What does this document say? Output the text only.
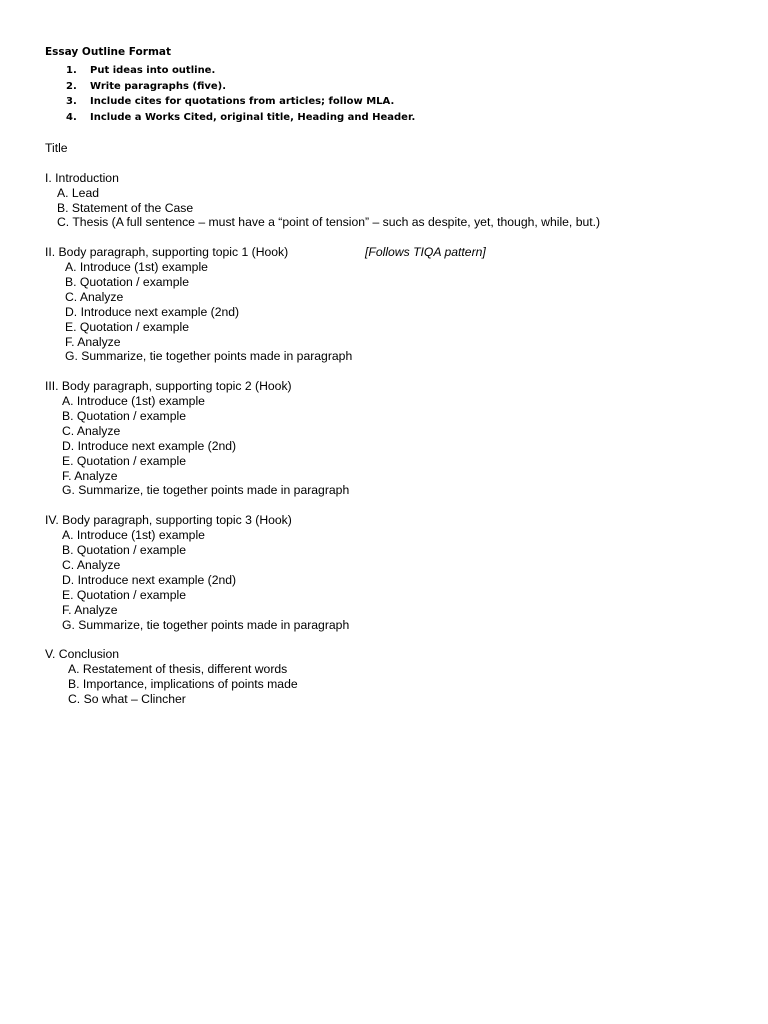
Essay Outline Format
1. Put ideas into outline.
2. Write paragraphs (five).
3. Include cites for quotations from articles; follow MLA.
4. Include a Works Cited, original title, Heading and Header.
Title
I. Introduction
A. Lead
B. Statement of the Case
C. Thesis (A full sentence – must have a “point of tension” – such as despite, yet, though, while, but.)
II. Body paragraph, supporting topic 1 (Hook)	[Follows TIQA pattern]
A. Introduce (1st) example
B. Quotation / example
C. Analyze
D. Introduce next example (2nd)
E. Quotation / example
F. Analyze
G. Summarize, tie together points made in paragraph
III. Body paragraph, supporting topic 2 (Hook)
A. Introduce (1st) example
B. Quotation / example
C. Analyze
D. Introduce next example (2nd)
E. Quotation / example
F. Analyze
G. Summarize, tie together points made in paragraph
IV. Body paragraph, supporting topic 3 (Hook)
A. Introduce (1st) example
B. Quotation / example
C. Analyze
D. Introduce next example (2nd)
E. Quotation / example
F. Analyze
G. Summarize, tie together points made in paragraph
V. Conclusion
A. Restatement of thesis, different words
B. Importance, implications of points made
C. So what – Clincher
